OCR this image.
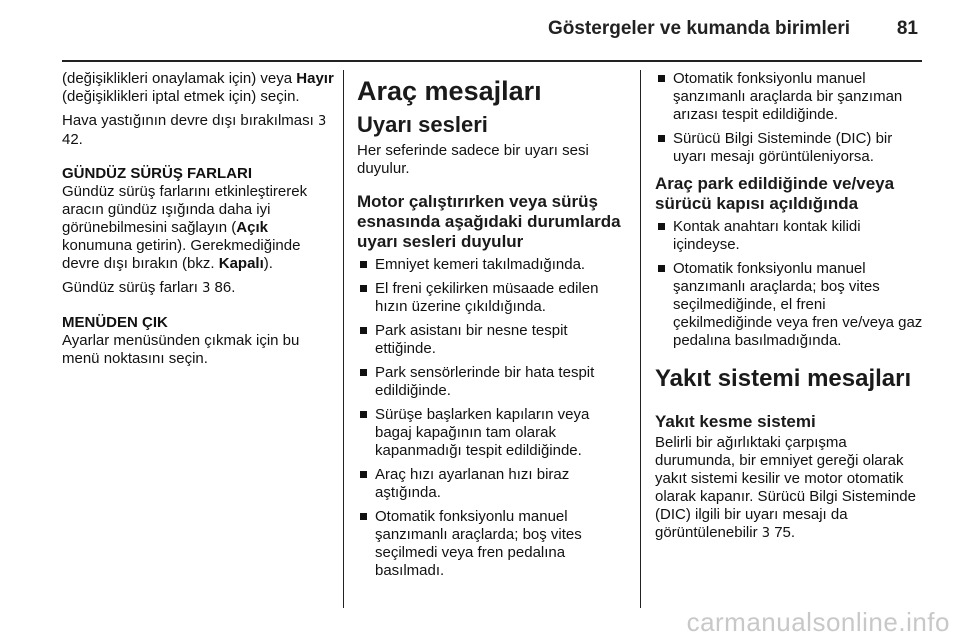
Göstergeler ve kumanda birimleri 81

(değişiklikleri onaylamak için) veya Hayır (değişiklikleri iptal etmek için) seçin.

Hava yastığının devre dışı bırakılması 3 42.

GÜNDÜZ SÜRÜŞ FARLARI

Gündüz sürüş farlarını etkinleştirerek aracın gündüz ışığında daha iyi görünebilmesini sağlayın (Açık konumuna getirin). Gerekmediğinde devre dışı bırakın (bkz. Kapalı).

Gündüz sürüş farları 3 86.

MENÜDEN ÇIK

Ayarlar menüsünden çıkmak için bu menü noktasını seçin.

Araç mesajları
Uyarı sesleri

Her seferinde sadece bir uyarı sesi duyulur.

Motor çalıştırırken veya sürüş esnasında aşağıdaki durumlarda uyarı sesleri duyulur
Emniyet kemeri takılmadığında.
El freni çekilirken müsaade edilen hızın üzerine çıkıldığında.
Park asistanı bir nesne tespit ettiğinde.
Park sensörlerinde bir hata tespit edildiğinde.
Sürüşe başlarken kapıların veya bagaj kapağının tam olarak kapanmadığı tespit edildiğinde.
Araç hızı ayarlanan hızı biraz aştığında.
Otomatik fonksiyonlu manuel şanzımanlı araçlarda; boş vites seçilmedi veya fren pedalına basılmadı.
Otomatik fonksiyonlu manuel şanzımanlı araçlarda bir şanzıman arızası tespit edildiğinde.
Sürücü Bilgi Sisteminde (DIC) bir uyarı mesajı görüntüleniyorsa.
Araç park edildiğinde ve/veya sürücü kapısı açıldığında
Kontak anahtarı kontak kilidi içindeyse.
Otomatik fonksiyonlu manuel şanzımanlı araçlarda; boş vites seçilmediğinde, el freni çekilmediğinde veya fren ve/veya gaz pedalına basılmadığında.
Yakıt sistemi mesajları
Yakıt kesme sistemi

Belirli bir ağırlıktaki çarpışma durumunda, bir emniyet gereği olarak yakıt sistemi kesilir ve motor otomatik olarak kapanır. Sürücü Bilgi Sisteminde (DIC) ilgili bir uyarı mesajı da görüntülenebilir 3 75.

carmanualsonline.info
